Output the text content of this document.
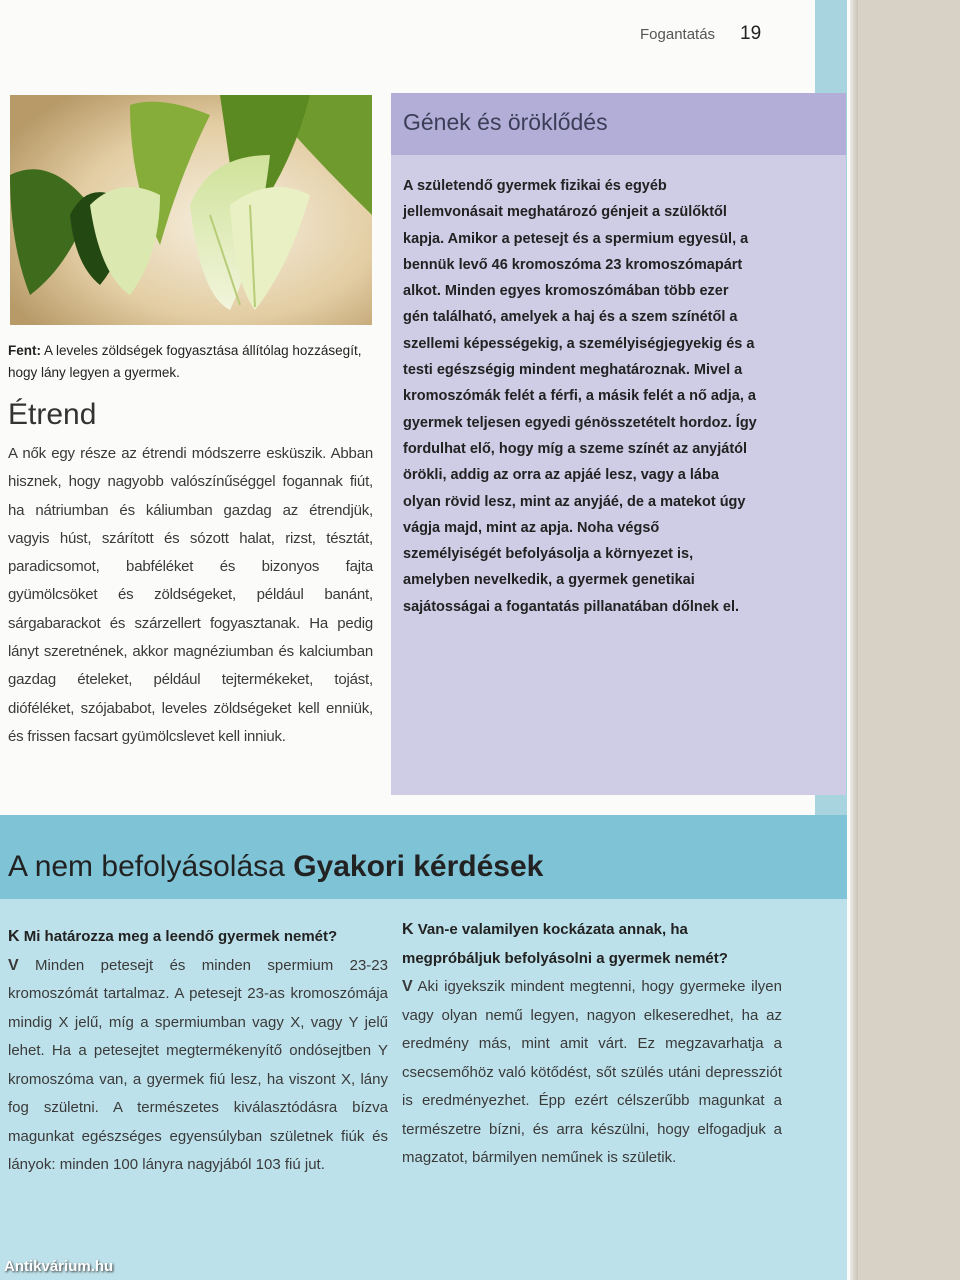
Fogantatás 19
Fent: A leveles zöldségek fogyasztása állítólag hozzásegít, hogy lány legyen a gyermek.
Étrend
A nők egy része az étrendi módszerre esküszik. Abban hisznek, hogy nagyobb valószínűséggel fogannak fiút, ha nátriumban és káliumban gazdag az étrendjük, vagyis húst, szárított és sózott halat, rizst, tésztát, paradicsomot, babféléket és bizonyos fajta gyümölcsöket és zöldségeket, például banánt, sárgabarackot és szárzellert fogyasztanak. Ha pedig lányt szeretnének, akkor magnéziumban és kalciumban gazdag ételeket, például tejtermékeket, tojást, dióféléket, szójababot, leveles zöldségeket kell enniük, és frissen facsart gyümölcslevet kell inniuk.
Gének és öröklődés
A születendő gyermek fizikai és egyéb jellemvonásait meghatározó génjeit a szülőktől kapja. Amikor a petesejt és a spermium egyesül, a bennük levő 46 kromoszóma 23 kromoszómapárt alkot. Minden egyes kromoszómában több ezer gén található, amelyek a haj és a szem színétől a szellemi képességekig, a személyiségjegyekig és a testi egészségig mindent meghatároznak. Mivel a kromoszómák felét a férfi, a másik felét a nő adja, a gyermek teljesen egyedi génösszetételt hordoz. Így fordulhat elő, hogy míg a szeme színét az anyjától örökli, addig az orra az apjáé lesz, vagy a lába olyan rövid lesz, mint az anyjáé, de a matekot úgy vágja majd, mint az apja. Noha végső személyiségét befolyásolja a környezet is, amelyben nevelkedik, a gyermek genetikai sajátosságai a fogantatás pillanatában dőlnek el.
A nem befolyásolása Gyakori kérdések
K Mi határozza meg a leendő gyermek nemét?
V Minden petesejt és minden spermium 23-23 kromoszómát tartalmaz. A petesejt 23-as kromoszómája mindig X jelű, míg a spermiumban vagy X, vagy Y jelű lehet. Ha a petesejtet megtermékenyítő ondósejtben Y kromoszóma van, a gyermek fiú lesz, ha viszont X, lány fog születni. A természetes kiválasztódásra bízva magunkat egészséges egyensúlyban születnek fiúk és lányok: minden 100 lányra nagyjából 103 fiú jut.
K Van-e valamilyen kockázata annak, ha megpróbáljuk befolyásolni a gyermek nemét?
V Aki igyekszik mindent megtenni, hogy gyermeke ilyen vagy olyan nemű legyen, nagyon elkeseredhet, ha az eredmény más, mint amit várt. Ez megzavarhatja a csecsemőhöz való kötődést, sőt szülés utáni depressziót is eredményezhet. Épp ezért célszerűbb magunkat a természetre bízni, és arra készülni, hogy elfogadjuk a magzatot, bármilyen neműnek is születik.
Antikvárium.hu
